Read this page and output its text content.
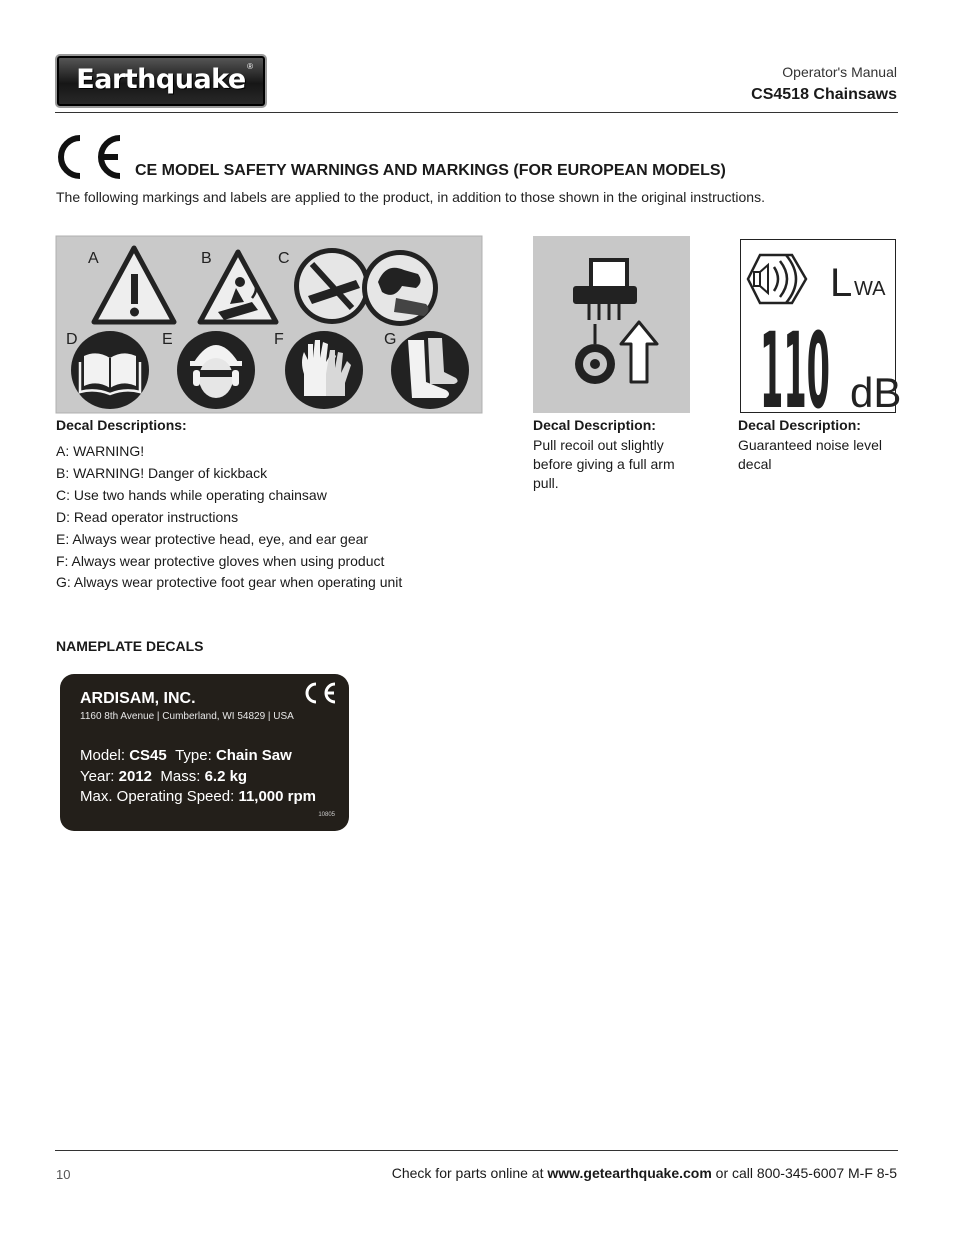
Earthquake ®	Operator's Manual
CS4518 Chainsaws
CE MODEL SAFETY WARNINGS AND MARKINGS (FOR EUROPEAN MODELS)
The following markings and labels are applied to the product, in addition to those shown in the original instructions.
A	B	C
D	E	F	G
L WA
110 dB
Decal Descriptions:
A: WARNING!
B: WARNING! Danger of kickback
C: Use two hands while operating chainsaw
D: Read operator instructions
E: Always wear protective head, eye, and ear gear
F: Always wear protective gloves when using product
G: Always wear protective foot gear when operating unit
Decal Description:
Pull recoil out slightly
before giving a full arm
pull.
Decal Description:
Guaranteed noise level
decal
NAMEPLATE DECALS
ARDISAM, INC.
1160 8th Avenue | Cumberland, WI 54829 | USA
Model: CS45 Type: Chain Saw
Year: 2012 Mass: 6.2 kg
Max. Operating Speed: 11,000 rpm
10805
10	Check for parts online at www.getearthquake.com or call 800-345-6007 M-F 8-5
